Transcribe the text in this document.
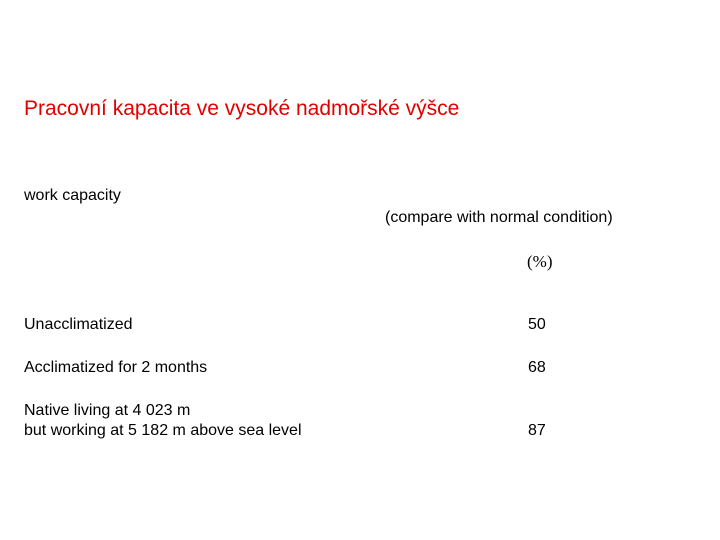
Pracovní kapacita ve vysoké nadmořské výšce
work capacity
(compare with normal condition)
(%)
Unacclimatized	50
Acclimatized for 2 months	68
Native living at 4 023 m
but working at 5 182 m above sea level	87
